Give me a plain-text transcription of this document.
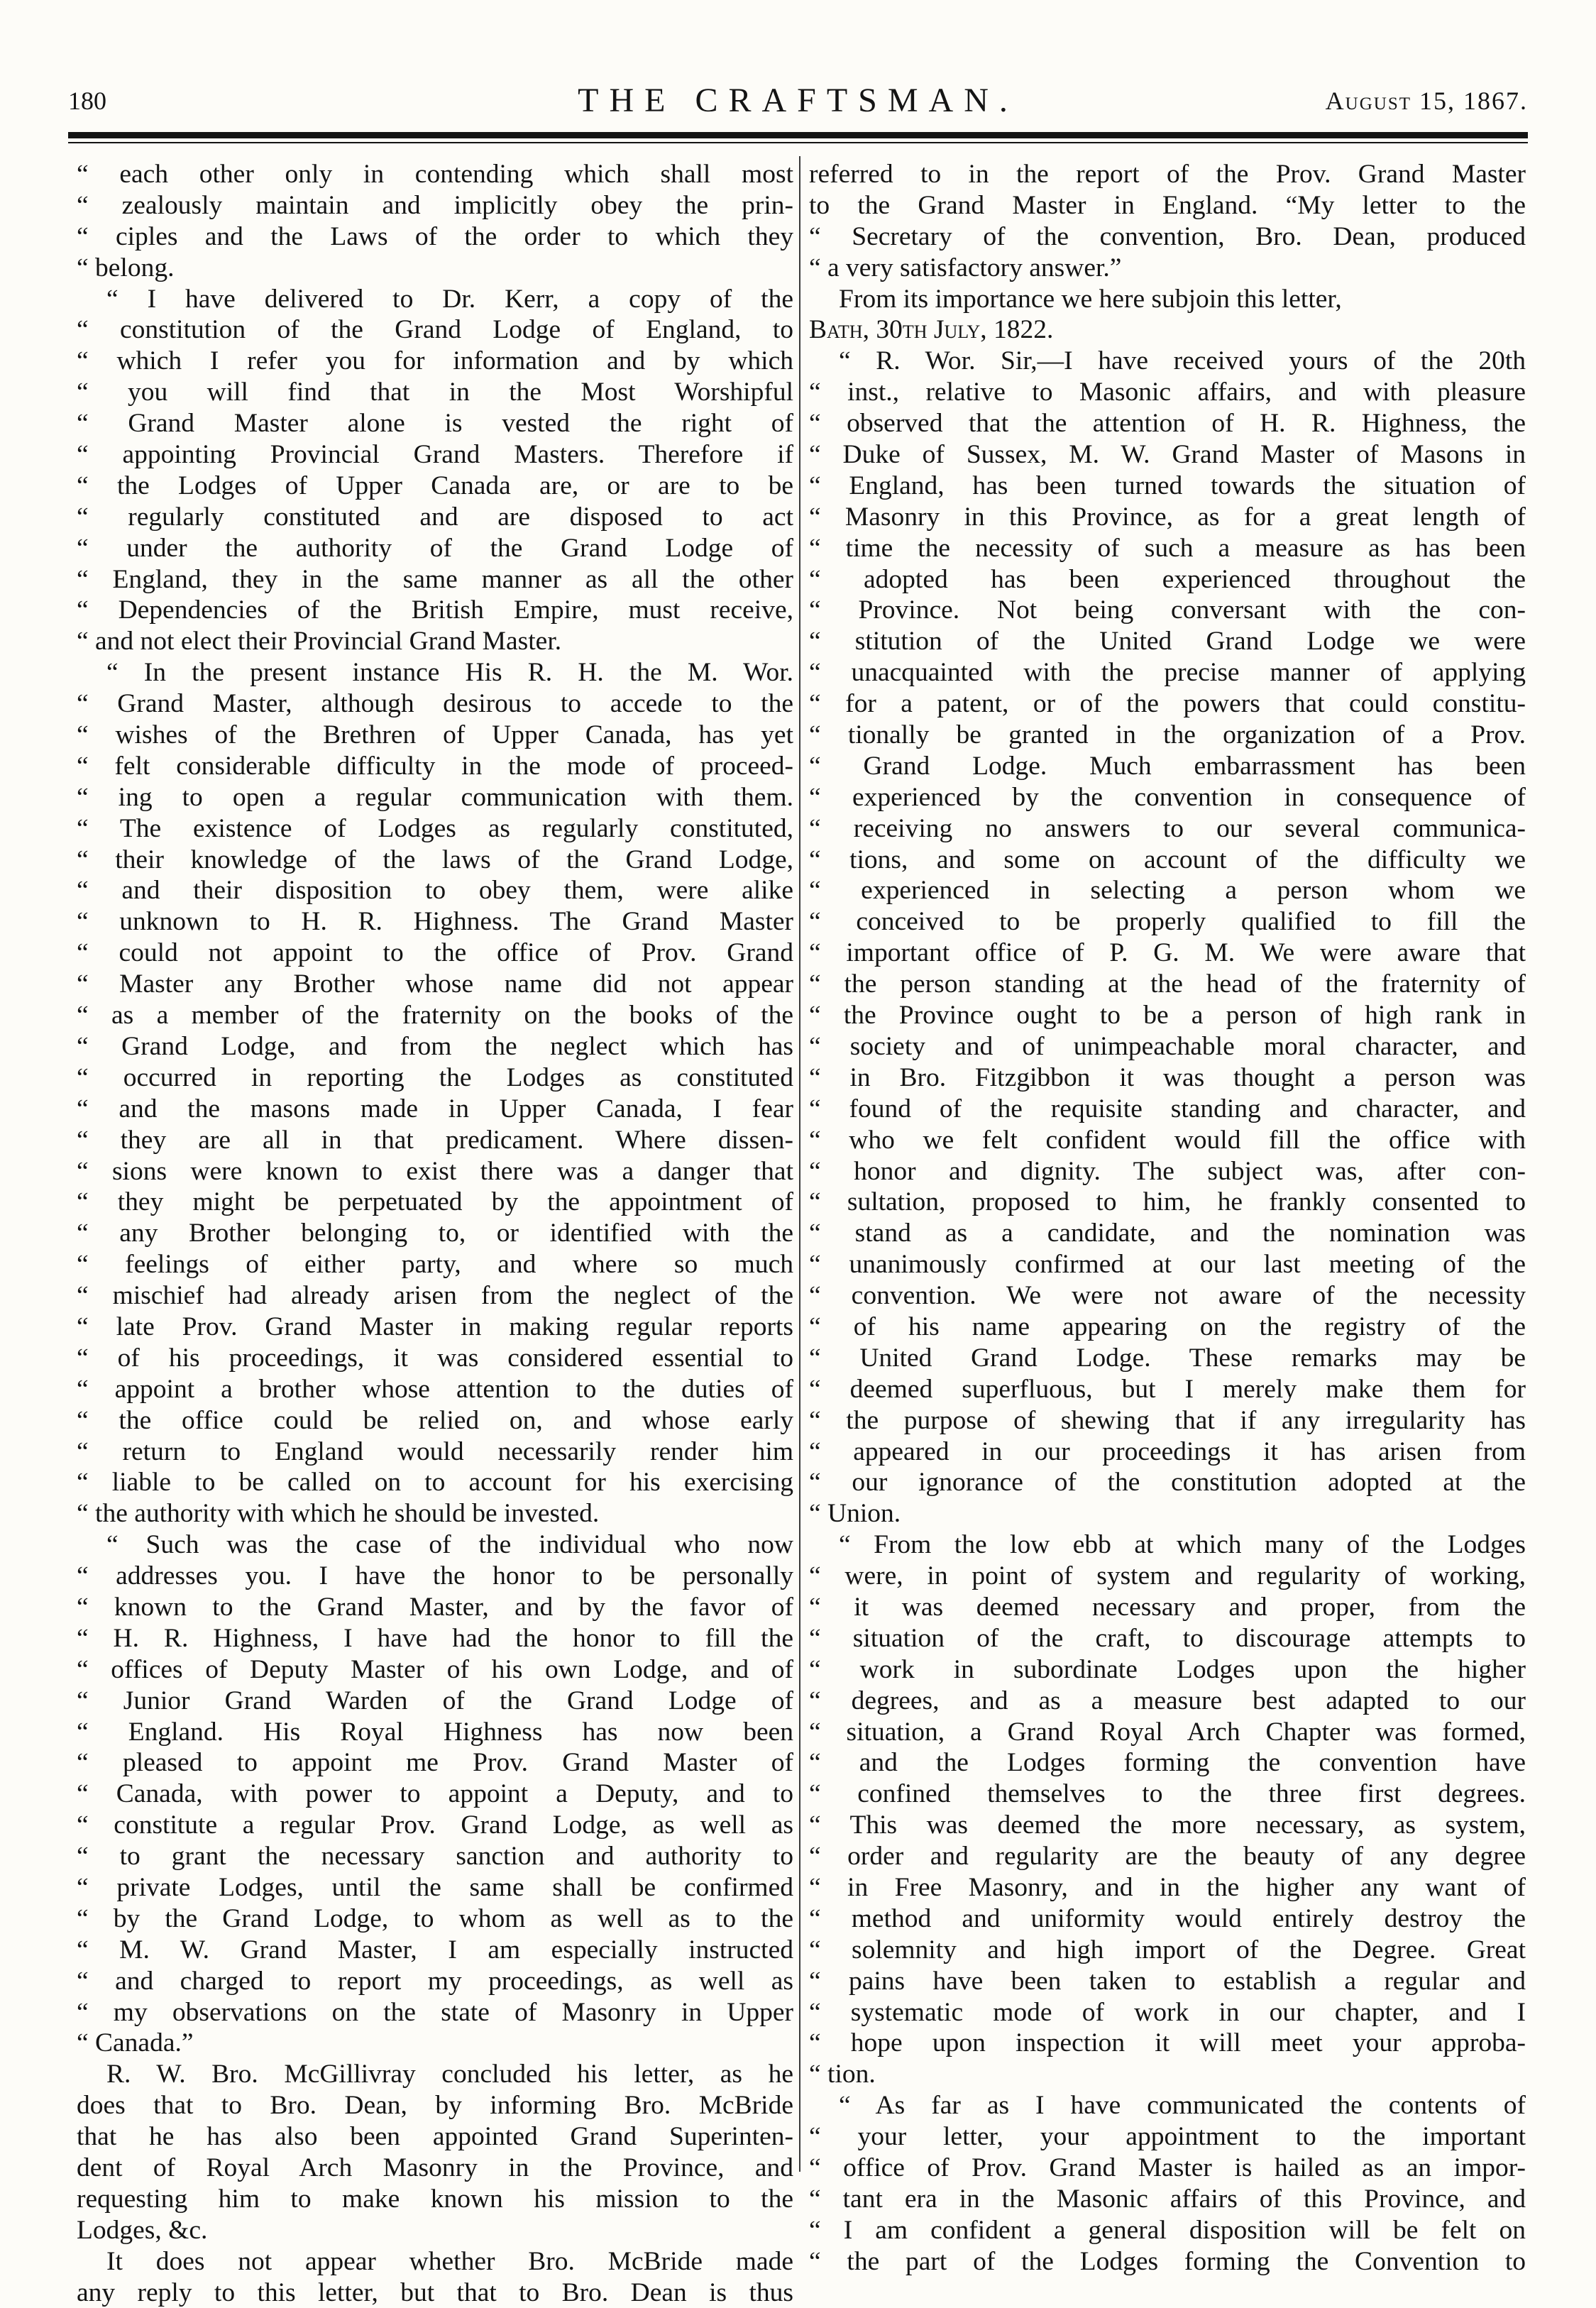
180	THE CRAFTSMAN.	August 15, 1867.
“ each other only in contending which shall most
“ zealously maintain and implicitly obey the prin-
“ ciples and the Laws of the order to which they
“ belong.
“ I have delivered to Dr. Kerr, a copy of the
“ constitution of the Grand Lodge of England, to
“ which I refer you for information and by which
“ you will find that in the Most Worshipful
“ Grand Master alone is vested the right of
“ appointing Provincial Grand Masters. Therefore if
“ the Lodges of Upper Canada are, or are to be
“ regularly constituted and are disposed to act
“ under the authority of the Grand Lodge of
“ England, they in the same manner as all the other
“ Dependencies of the British Empire, must receive,
“ and not elect their Provincial Grand Master.
“ In the present instance His R. H. the M. Wor.
“ Grand Master, although desirous to accede to the
“ wishes of the Brethren of Upper Canada, has yet
“ felt considerable difficulty in the mode of proceed-
“ ing to open a regular communication with them.
“ The existence of Lodges as regularly constituted,
“ their knowledge of the laws of the Grand Lodge,
“ and their disposition to obey them, were alike
“ unknown to H. R. Highness. The Grand Master
“ could not appoint to the office of Prov. Grand
“ Master any Brother whose name did not appear
“ as a member of the fraternity on the books of the
“ Grand Lodge, and from the neglect which has
“ occurred in reporting the Lodges as constituted
“ and the masons made in Upper Canada, I fear
“ they are all in that predicament. Where dissen-
“ sions were known to exist there was a danger that
“ they might be perpetuated by the appointment of
“ any Brother belonging to, or identified with the
“ feelings of either party, and where so much
“ mischief had already arisen from the neglect of the
“ late Prov. Grand Master in making regular reports
“ of his proceedings, it was considered essential to
“ appoint a brother whose attention to the duties of
“ the office could be relied on, and whose early
“ return to England would necessarily render him
“ liable to be called on to account for his exercising
“ the authority with which he should be invested.
“ Such was the case of the individual who now
“ addresses you. I have the honor to be personally
“ known to the Grand Master, and by the favor of
“ H. R. Highness, I have had the honor to fill the
“ offices of Deputy Master of his own Lodge, and of
“ Junior Grand Warden of the Grand Lodge of
“ England. His Royal Highness has now been
“ pleased to appoint me Prov. Grand Master of
“ Canada, with power to appoint a Deputy, and to
“ constitute a regular Prov. Grand Lodge, as well as
“ to grant the necessary sanction and authority to
“ private Lodges, until the same shall be confirmed
“ by the Grand Lodge, to whom as well as to the
“ M. W. Grand Master, I am especially instructed
“ and charged to report my proceedings, as well as
“ my observations on the state of Masonry in Upper
“ Canada.”
R. W. Bro. McGillivray concluded his letter, as he
does that to Bro. Dean, by informing Bro. McBride
that he has also been appointed Grand Superinten-
dent of Royal Arch Masonry in the Province, and
requesting him to make known his mission to the
Lodges, &c.
It does not appear whether Bro. McBride made
any reply to this letter, but that to Bro. Dean is thus
referred to in the report of the Prov. Grand Master
to the Grand Master in England. “My letter to the
“ Secretary of the convention, Bro. Dean, produced
“ a very satisfactory answer.”
From its importance we here subjoin this letter,
Bath, 30th July, 1822.
“ R. Wor. Sir,—I have received yours of the 20th
“ inst., relative to Masonic affairs, and with pleasure
“ observed that the attention of H. R. Highness, the
“ Duke of Sussex, M. W. Grand Master of Masons in
“ England, has been turned towards the situation of
“ Masonry in this Province, as for a great length of
“ time the necessity of such a measure as has been
“ adopted has been experienced throughout the
“ Province. Not being conversant with the con-
“ stitution of the United Grand Lodge we were
“ unacquainted with the precise manner of applying
“ for a patent, or of the powers that could constitu-
“ tionally be granted in the organization of a Prov.
“ Grand Lodge. Much embarrassment has been
“ experienced by the convention in consequence of
“ receiving no answers to our several communica-
“ tions, and some on account of the difficulty we
“ experienced in selecting a person whom we
“ conceived to be properly qualified to fill the
“ important office of P. G. M. We were aware that
“ the person standing at the head of the fraternity of
“ the Province ought to be a person of high rank in
“ society and of unimpeachable moral character, and
“ in Bro. Fitzgibbon it was thought a person was
“ found of the requisite standing and character, and
“ who we felt confident would fill the office with
“ honor and dignity. The subject was, after con-
“ sultation, proposed to him, he frankly consented to
“ stand as a candidate, and the nomination was
“ unanimously confirmed at our last meeting of the
“ convention. We were not aware of the necessity
“ of his name appearing on the registry of the
“ United Grand Lodge. These remarks may be
“ deemed superfluous, but I merely make them for
“ the purpose of shewing that if any irregularity has
“ appeared in our proceedings it has arisen from
“ our ignorance of the constitution adopted at the
“ Union.
“ From the low ebb at which many of the Lodges
“ were, in point of system and regularity of working,
“ it was deemed necessary and proper, from the
“ situation of the craft, to discourage attempts to
“ work in subordinate Lodges upon the higher
“ degrees, and as a measure best adapted to our
“ situation, a Grand Royal Arch Chapter was formed,
“ and the Lodges forming the convention have
“ confined themselves to the three first degrees.
“ This was deemed the more necessary, as system,
“ order and regularity are the beauty of any degree
“ in Free Masonry, and in the higher any want of
“ method and uniformity would entirely destroy the
“ solemnity and high import of the Degree. Great
“ pains have been taken to establish a regular and
“ systematic mode of work in our chapter, and I
“ hope upon inspection it will meet your approba-
“ tion.
“ As far as I have communicated the contents of
“ your letter, your appointment to the important
“ office of Prov. Grand Master is hailed as an impor-
“ tant era in the Masonic affairs of this Province, and
“ I am confident a general disposition will be felt on
“ the part of the Lodges forming the Convention to
